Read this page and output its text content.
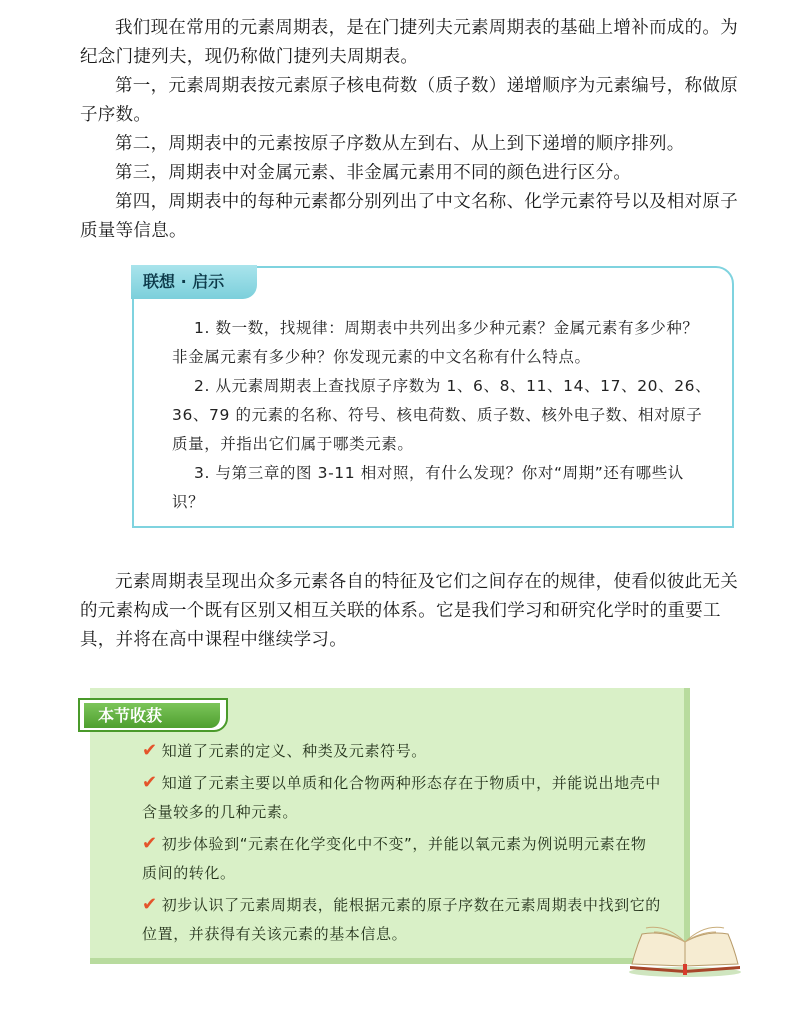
我们现在常用的元素周期表，是在门捷列夫元素周期表的基础上增补而成的。为纪念门捷列夫，现仍称做门捷列夫周期表。

第一，元素周期表按元素原子核电荷数（质子数）递增顺序为元素编号，称做原子序数。

第二，周期表中的元素按原子序数从左到右、从上到下递增的顺序排列。

第三，周期表中对金属元素、非金属元素用不同的颜色进行区分。

第四，周期表中的每种元素都分别列出了中文名称、化学元素符号以及相对原子质量等信息。

联想 · 启示

1. 数一数，找规律：周期表中共列出多少种元素？金属元素有多少种？非金属元素有多少种？你发现元素的中文名称有什么特点。

2. 从元素周期表上查找原子序数为 1、6、8、11、14、17、20、26、36、79 的元素的名称、符号、核电荷数、质子数、核外电子数、相对原子质量，并指出它们属于哪类元素。

3. 与第三章的图 3-11 相对照，有什么发现？你对“周期”还有哪些认识？

元素周期表呈现出众多元素各自的特征及它们之间存在的规律，使看似彼此无关的元素构成一个既有区别又相互关联的体系。它是我们学习和研究化学时的重要工具，并将在高中课程中继续学习。

本节收获

✔ 知道了元素的定义、种类及元素符号。

✔ 知道了元素主要以单质和化合物两种形态存在于物质中，并能说出地壳中含量较多的几种元素。

✔ 初步体验到“元素在化学变化中不变”，并能以氧元素为例说明元素在物质间的转化。

✔ 初步认识了元素周期表，能根据元素的原子序数在元素周期表中找到它的位置，并获得有关该元素的基本信息。
